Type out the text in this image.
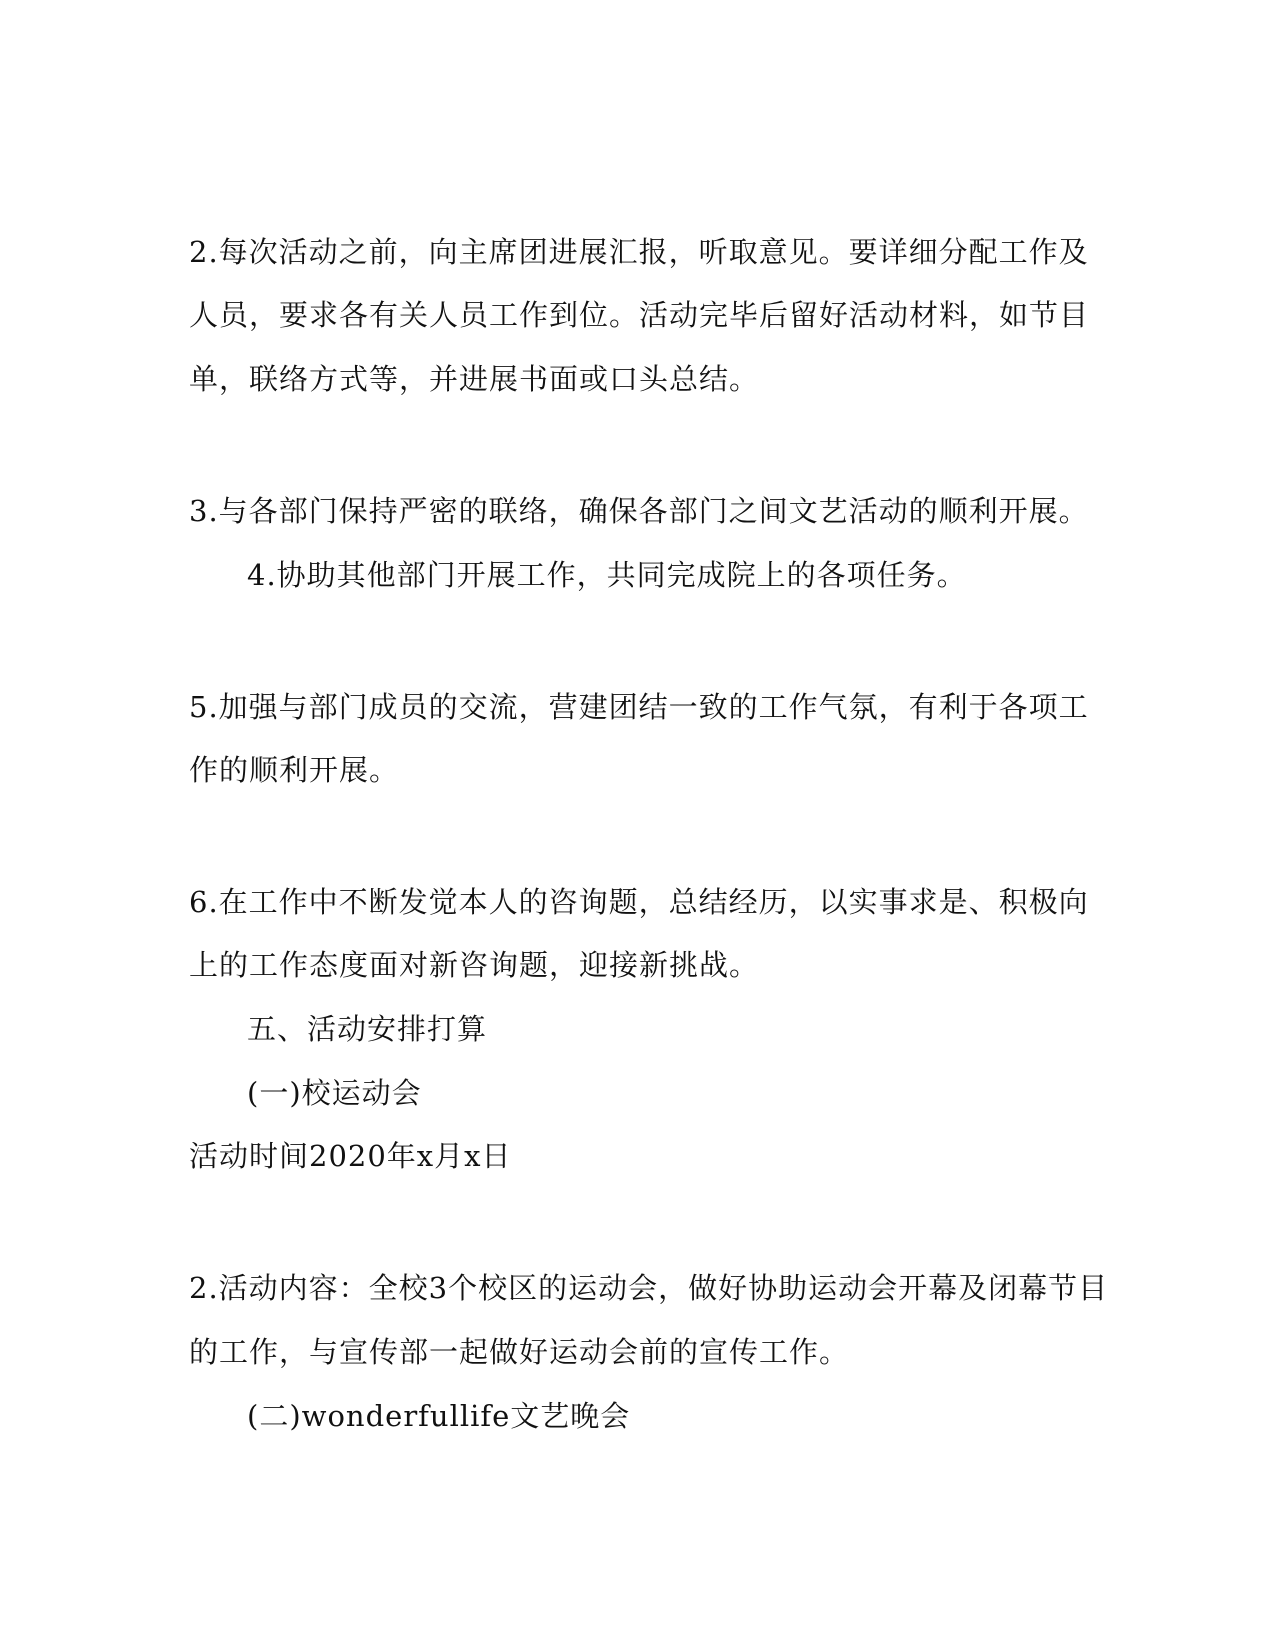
2.每次活动之前，向主席团进展汇报，听取意见。要详细分配工作及
人员，要求各有关人员工作到位。活动完毕后留好活动材料，如节目
单，联络方式等，并进展书面或口头总结。
3.与各部门保持严密的联络，确保各部门之间文艺活动的顺利开展。
4.协助其他部门开展工作，共同完成院上的各项任务。
5.加强与部门成员的交流，营建团结一致的工作气氛，有利于各项工
作的顺利开展。
6.在工作中不断发觉本人的咨询题，总结经历，以实事求是、积极向
上的工作态度面对新咨询题，迎接新挑战。
五、活动安排打算
(一)校运动会
活动时间2020年x月x日
2.活动内容：全校3个校区的运动会，做好协助运动会开幕及闭幕节目
的工作，与宣传部一起做好运动会前的宣传工作。
(二)wonderfullife文艺晚会
